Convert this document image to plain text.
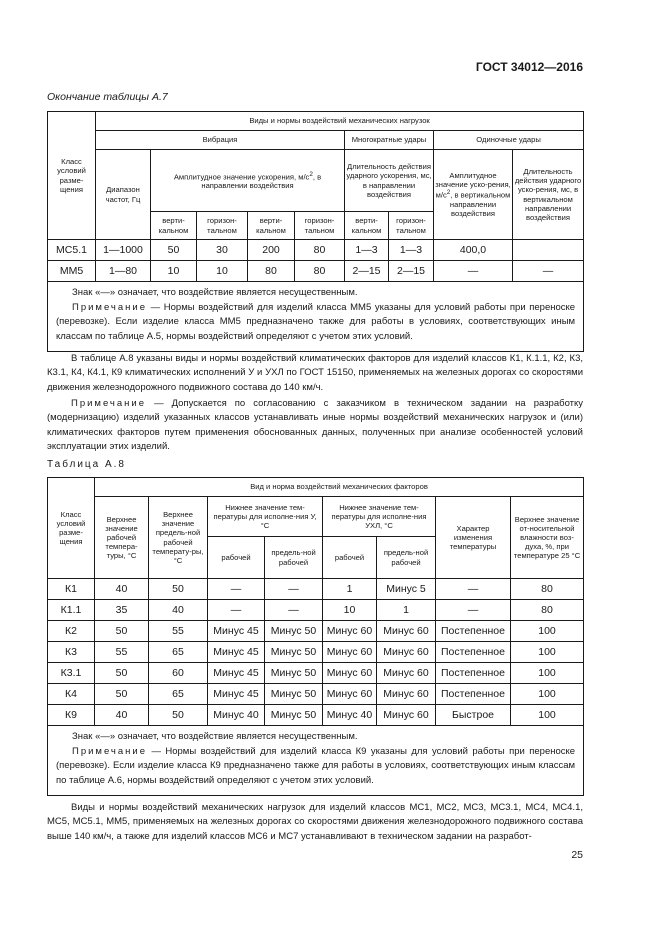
ГОСТ 34012—2016
Окончание таблицы А.7
Класс условий разме-щения	Виды и нормы воздействий механических нагрузок								
	Вибрация					Многократные удары		Одиночные удары	
	Диапазон частот, Гц	Амплитудное значение ускорения, $м/с^2$, в направлении воздействия				Длительность действия ударного ускорения, мс, в направлении воздействия		Амплитудное значение уско-рения, $м/с^2$, в вертикальном направлении воздействия	Длительность действия ударного уско-рения, мс, в вертикальном направлении воздействия
		верти-кальном	горизон-тальном	верти-кальном	горизон-тальном	верти-кальном	горизон-тальном		
МС5.1	1—1000	50	30	200	80	1—3	1—3	400,0	
ММ5	1—80	10	10	80	80	2—15	2—15	—	—

Знак «—» означает, что воздействие является несущественным.

Примечание — Нормы воздействий для изделий класса ММ5 указаны для условий работы при переноске (перевозке). Если изделие класса ММ5 предназначено также для работы в условиях, соответствующих иным классам по таблице А.5, нормы воздействий определяют с учетом этих условий.									

В таблице А.8 указаны виды и нормы воздействий климатических факторов для изделий классов К1, К.1.1, К2, К3, К3.1, К4, К4.1, К9 климатических исполнений У и УХЛ по ГОСТ 15150, применяемых на железных дорогах со скоростями движения железнодорожного подвижного состава до 140 км/ч.

Примечание — Допускается по согласованию с заказчиком в техническом задании на разработку (модернизацию) изделий указанных классов устанавливать иные нормы воздействий механических нагрузок и (или) климатических факторов путем применения обоснованных данных, полученных при анализе особенностей условий эксплуатации этих изделий.

Таблица А.8
Класс условий разме-щения	Вид и норма воздействий механических факторов							
	Верхнее значение рабочей темпера-туры, °С	Верхнее значение предель-ной рабочей температу-ры, °С	Нижнее значение тем-пературы для исполне-ния У, °С		Нижнее значение тем-пературы для исполне-ния УХЛ, °С		Характер изменения температуры	Верхнее значение от-носительной влажности воз-духа, %, при температуре 25 °С
			рабочей	предель-ной рабочей	рабочей	предель-ной рабочей		
К1	40	50	—	—	1	Минус 5	—	80
К1.1	35	40	—	—	10	1	—	80
К2	50	55	Минус 45	Минус 50	Минус 60	Минус 60	Постепенное	100
К3	55	65	Минус 45	Минус 50	Минус 60	Минус 60	Постепенное	100
К3.1	50	60	Минус 45	Минус 50	Минус 60	Минус 60	Постепенное	100
К4	50	65	Минус 45	Минус 50	Минус 60	Минус 60	Постепенное	100
К9	40	50	Минус 40	Минус 50	Минус 40	Минус 60	Быстрое	100

Знак «—» означает, что воздействие является несущественным.

Примечание — Нормы воздействий для изделий класса К9 указаны для условий работы при переноске (перевозке). Если изделие класса К9 предназначено также для работы в условиях, соответствующих иным классам по таблице А.6, нормы воздействий определяют с учетом этих условий.								

Виды и нормы воздействий механических нагрузок для изделий классов МС1, МС2, МС3, МС3.1, МС4, МС4.1, МС5, МС5.1, ММ5, применяемых на железных дорогах со скоростями движения железнодорожного подвижного состава выше 140 км/ч, а также для изделий классов МС6 и МС7 устанавливают в техническом задании на разработ-

25
